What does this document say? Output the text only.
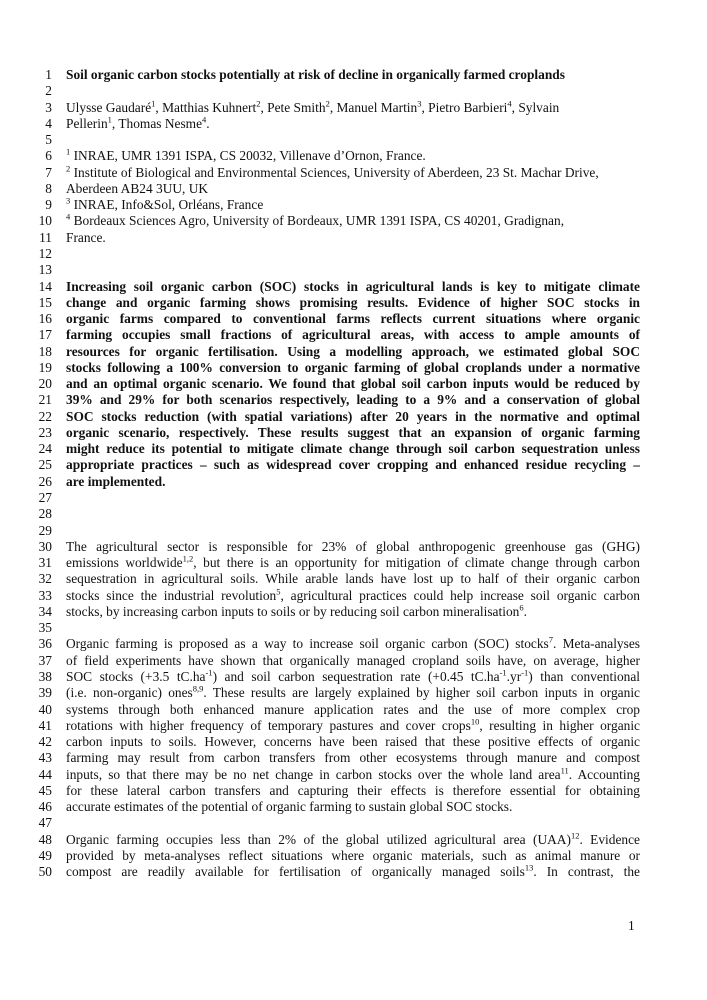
1 Soil organic carbon stocks potentially at risk of decline in organically farmed croplands
2
3 Ulysse Gaudaré$^1$, Matthias Kuhnert$^2$, Pete Smith$^2$, Manuel Martin$^3$, Pietro Barbieri$^4$, Sylvain
4 Pellerin$^1$, Thomas Nesme$^4$.
5
6 $^1$ INRAE, UMR 1391 ISPA, CS 20032, Villenave d’Ornon, France.
7 $^2$ Institute of Biological and Environmental Sciences, University of Aberdeen, 23 St. Machar Drive,
8 Aberdeen AB24 3UU, UK
9 $^3$ INRAE, Info&Sol, Orléans, France
10 $^4$ Bordeaux Sciences Agro, University of Bordeaux, UMR 1391 ISPA, CS 40201, Gradignan,
11 France.
12
13
14 Increasing soil organic carbon (SOC) stocks in agricultural lands is key to mitigate climate
15 change and organic farming shows promising results. Evidence of higher SOC stocks in
16 organic farms compared to conventional farms reflects current situations where organic
17 farming occupies small fractions of agricultural areas, with access to ample amounts of
18 resources for organic fertilisation. Using a modelling approach, we estimated global SOC
19 stocks following a 100% conversion to organic farming of global croplands under a normative
20 and an optimal organic scenario. We found that global soil carbon inputs would be reduced by
21 39% and 29% for both scenarios respectively, leading to a 9% and a conservation of global
22 SOC stocks reduction (with spatial variations) after 20 years in the normative and optimal
23 organic scenario, respectively. These results suggest that an expansion of organic farming
24 might reduce its potential to mitigate climate change through soil carbon sequestration unless
25 appropriate practices – such as widespread cover cropping and enhanced residue recycling –
26 are implemented.
27
28
29
30 The agricultural sector is responsible for 23% of global anthropogenic greenhouse gas (GHG)
31 emissions worldwide$^{1,2}$, but there is an opportunity for mitigation of climate change through carbon
32 sequestration in agricultural soils. While arable lands have lost up to half of their organic carbon
33 stocks since the industrial revolution$^5$, agricultural practices could help increase soil organic carbon
34 stocks, by increasing carbon inputs to soils or by reducing soil carbon mineralisation$^6$.
35
36 Organic farming is proposed as a way to increase soil organic carbon (SOC) stocks$^7$. Meta-analyses
37 of field experiments have shown that organically managed cropland soils have, on average, higher
38 SOC stocks (+3.5 $tC.ha^{-1}$) and soil carbon sequestration rate (+0.45 $tC.ha^{-1}.yr^{-1}$) than conventional
39 (i.e. non-organic) ones$^{8,9}$. These results are largely explained by higher soil carbon inputs in organic
40 systems through both enhanced manure application rates and the use of more complex crop
41 rotations with higher frequency of temporary pastures and cover crops$^{10}$, resulting in higher organic
42 carbon inputs to soils. However, concerns have been raised that these positive effects of organic
43 farming may result from carbon transfers from other ecosystems through manure and compost
44 inputs, so that there may be no net change in carbon stocks over the whole land area$^{11}$. Accounting
45 for these lateral carbon transfers and capturing their effects is therefore essential for obtaining
46 accurate estimates of the potential of organic farming to sustain global SOC stocks.
47
48 Organic farming occupies less than 2% of the global utilized agricultural area (UAA)$^{12}$. Evidence
49 provided by meta-analyses reflect situations where organic materials, such as animal manure or
50 compost are readily available for fertilisation of organically managed soils$^{13}$. In contrast, the
1
